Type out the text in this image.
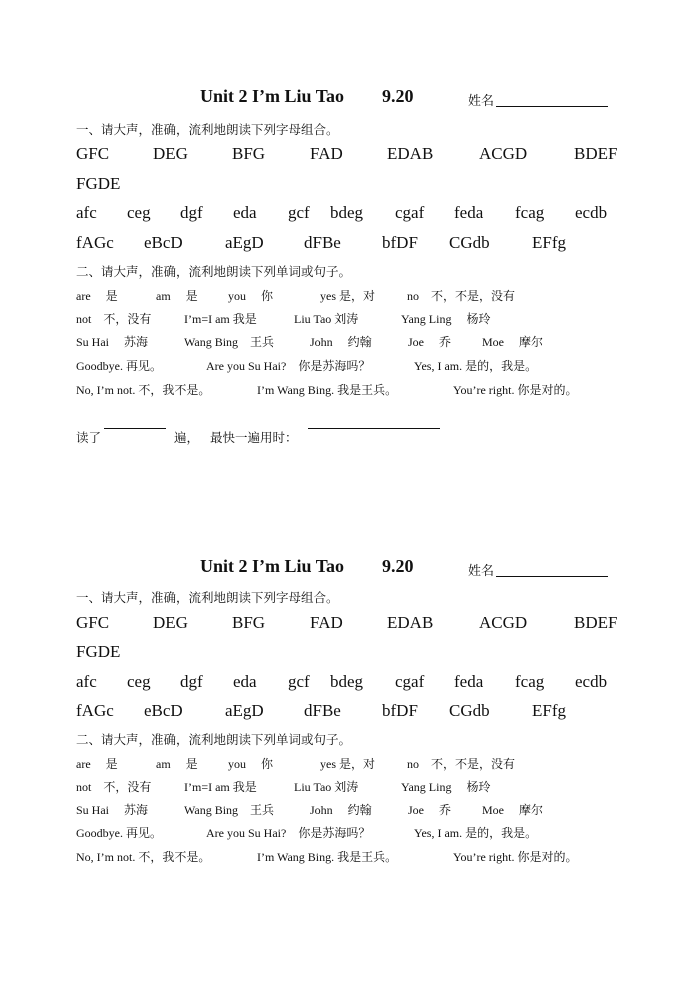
Unit 2 I’m Liu Tao 9.20	姓名
一、请大声，准确，流利地朗读下列字母组合。
GFC	DEG	BFG	FAD	EDAB	ACGD	BDEF
FGDE
afc ceg dgf eda gcf bdeg cgaf feda fcag ecdb
fAGc eBcD aEgD dFBe bfDF CGdb EFfg
二、请大声，准确，流利地朗读下列单词或句子。
are　 是	am　 是	you　 你	yes 是，对	no　不，不是，没有
not　不，没有	I’m=I am 我是	Liu Tao 刘涛	Yang Ling　 杨玲
Su Hai　 苏海	Wang Bing　王兵	John　 约翰	Joe　 乔	Moe　 摩尔
Goodbye. 再见。	Are you Su Hai?　你是苏海吗？	Yes, I am. 是的，我是。
No, I’m not. 不，我不是。	I’m Wang Bing. 我是王兵。	You’re right. 你是对的。
读了	遍， 最快一遍用时：
Unit 2 I’m Liu Tao 9.20	姓名
一、请大声，准确，流利地朗读下列字母组合。
GFC	DEG	BFG	FAD	EDAB	ACGD	BDEF
FGDE
afc ceg dgf eda gcf bdeg cgaf feda fcag ecdb
fAGc eBcD aEgD dFBe bfDF CGdb EFfg
二、请大声，准确，流利地朗读下列单词或句子。
are　 是	am　 是	you　 你	yes 是，对	no　不，不是，没有
not　不，没有	I’m=I am 我是	Liu Tao 刘涛	Yang Ling　 杨玲
Su Hai　 苏海	Wang Bing　王兵	John　 约翰	Joe　 乔	Moe　 摩尔
Goodbye. 再见。	Are you Su Hai?　你是苏海吗？	Yes, I am. 是的，我是。
No, I’m not. 不，我不是。	I’m Wang Bing. 我是王兵。	You’re right. 你是对的。
